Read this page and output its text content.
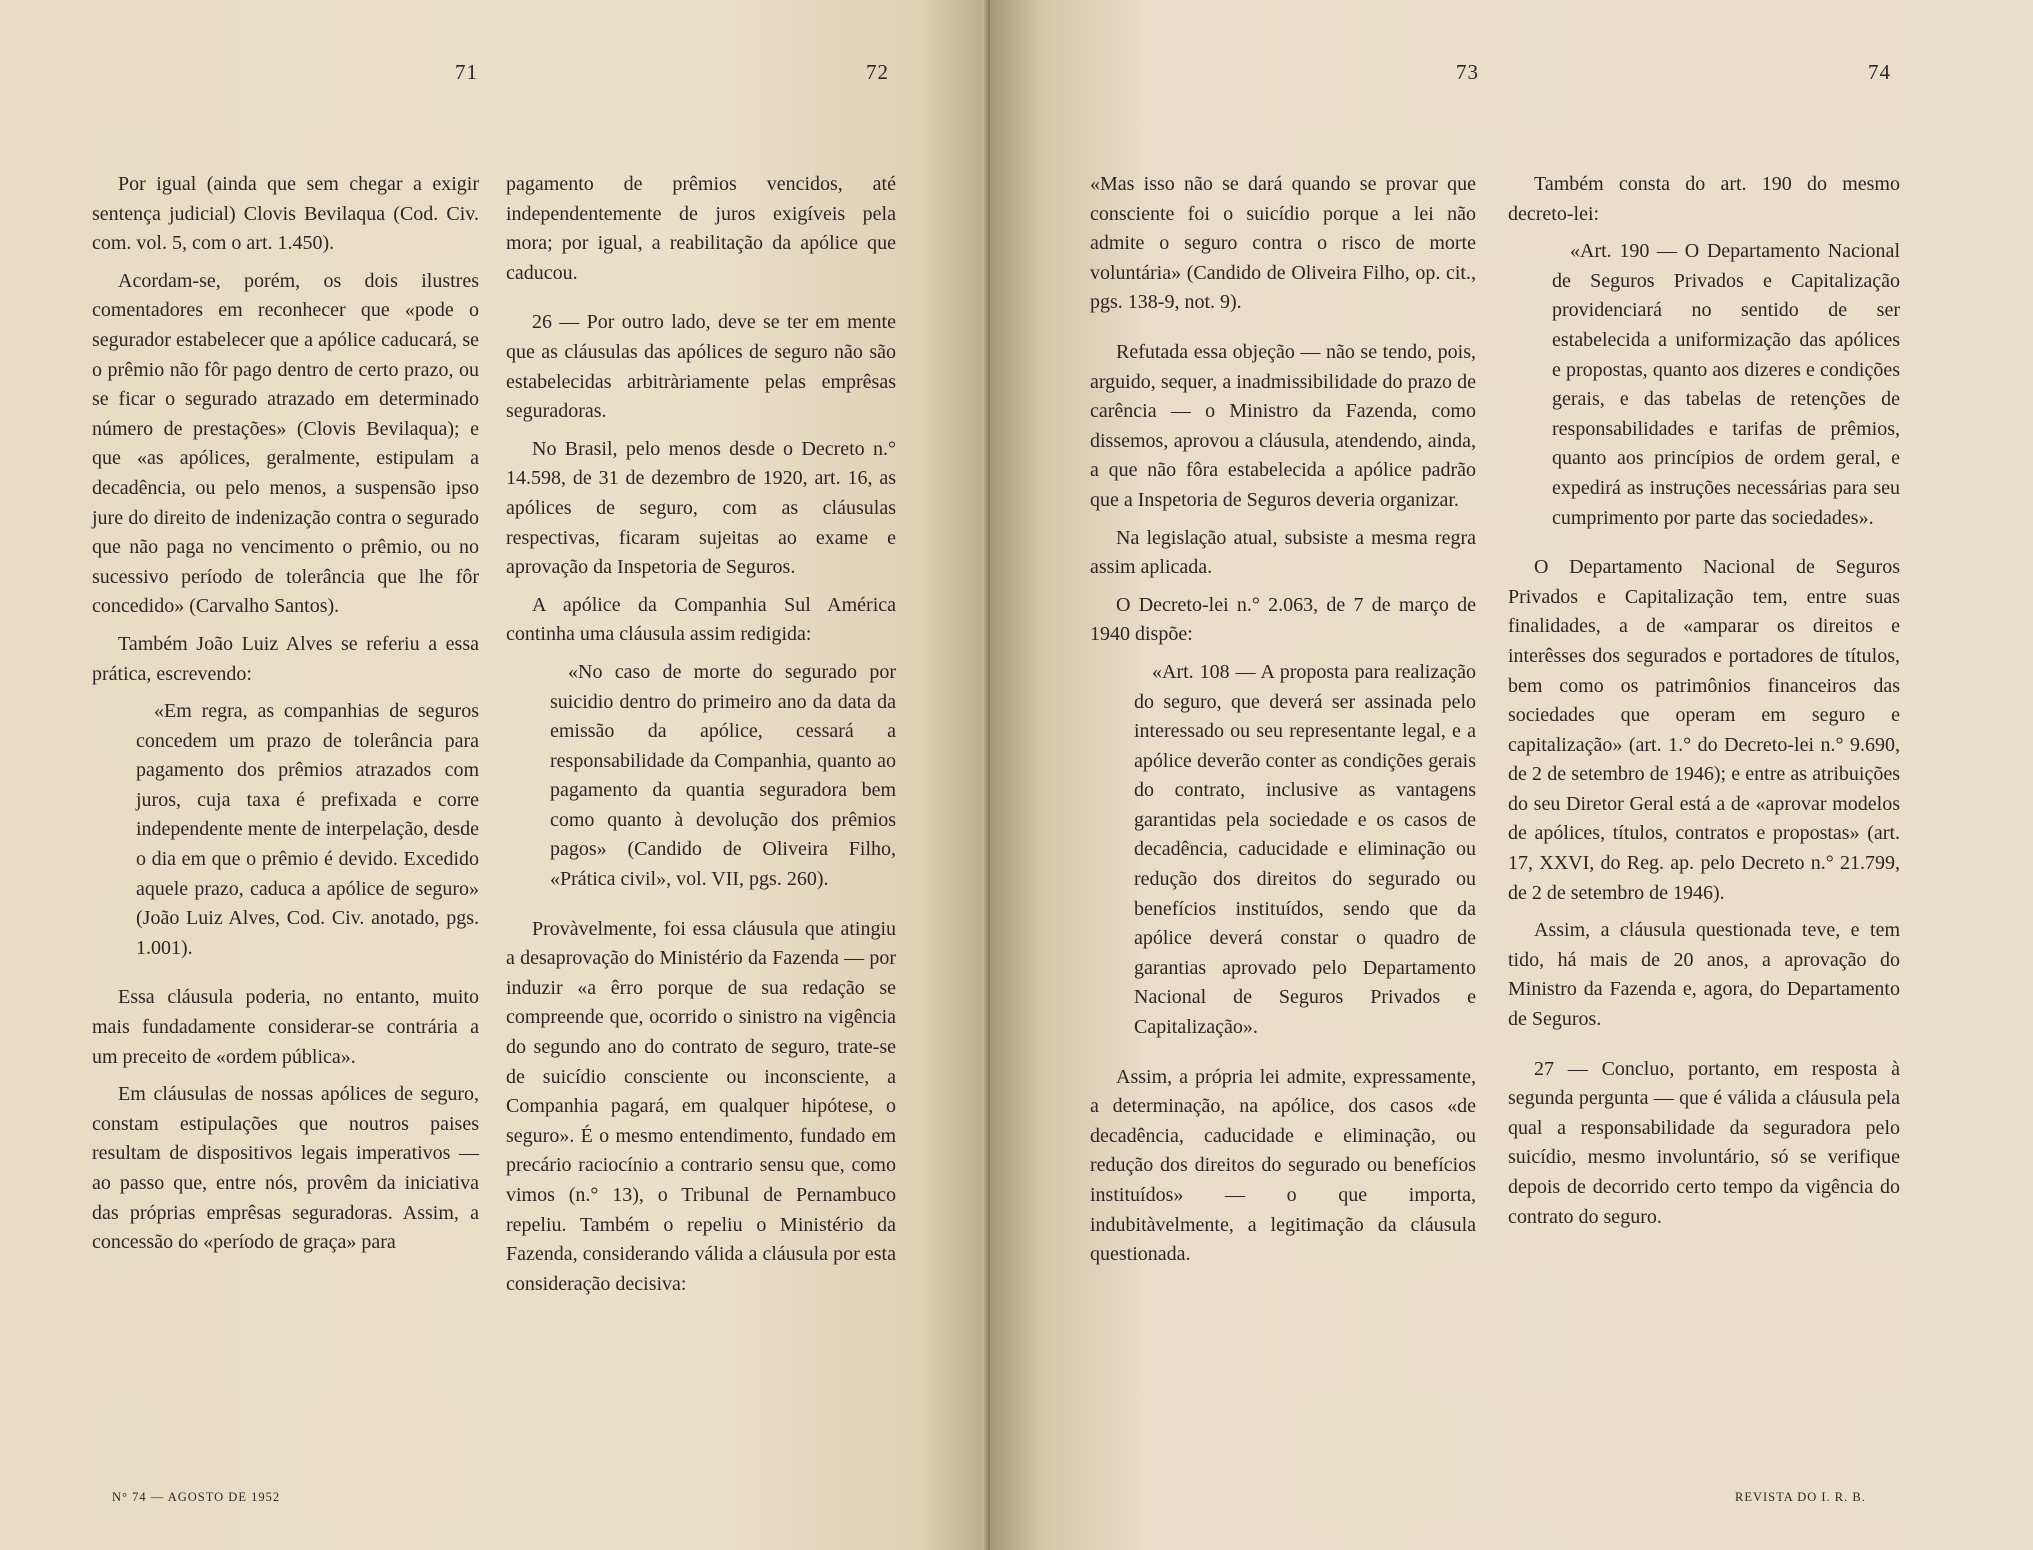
71	72

Por igual (ainda que sem chegar a exigir sentença judicial) Clovis Bevilaqua (Cod. Civ. com. vol. 5, com o art. 1.450).

Acordam-se, porém, os dois ilustres comentadores em reconhecer que «pode o segurador estabelecer que a apólice caducará, se o prêmio não fôr pago dentro de certo prazo, ou se ficar o segurado atrazado em determinado número de prestações» (Clovis Bevilaqua); e que «as apólices, geralmente, estipulam a decadência, ou pelo menos, a suspensão ipso jure do direito de indenização contra o segurado que não paga no vencimento o prêmio, ou no sucessivo período de tolerância que lhe fôr concedido» (Carvalho Santos).

Também João Luiz Alves se referiu a essa prática, escrevendo:

«Em regra, as companhias de seguros concedem um prazo de tolerância para pagamento dos prêmios atrazados com juros, cuja taxa é prefixada e corre independente mente de interpelação, desde o dia em que o prêmio é devido. Excedido aquele prazo, caduca a apólice de seguro» (João Luiz Alves, Cod. Civ. anotado, pgs. 1.001).

Essa cláusula poderia, no entanto, muito mais fundadamente considerar-se contrária a um preceito de «ordem pública».

Em cláusulas de nossas apólices de seguro, constam estipulações que noutros paises resultam de dispositivos legais imperativos — ao passo que, entre nós, provêm da iniciativa das próprias emprêsas seguradoras. Assim, a concessão do «período de graça» para

pagamento de prêmios vencidos, até independentemente de juros exigíveis pela mora; por igual, a reabilitação da apólice que caducou.

26 — Por outro lado, deve se ter em mente que as cláusulas das apólices de seguro não são estabelecidas arbitràriamente pelas emprêsas seguradoras.

No Brasil, pelo menos desde o Decreto n.° 14.598, de 31 de dezembro de 1920, art. 16, as apólices de seguro, com as cláusulas respectivas, ficaram sujeitas ao exame e aprovação da Inspetoria de Seguros.

A apólice da Companhia Sul América continha uma cláusula assim redigida:

«No caso de morte do segurado por suicidio dentro do primeiro ano da data da emissão da apólice, cessará a responsabilidade da Companhia, quanto ao pagamento da quantia seguradora bem como quanto à devolução dos prêmios pagos» (Candido de Oliveira Filho, «Prática civil», vol. VII, pgs. 260).

Provàvelmente, foi essa cláusula que atingiu a desaprovação do Ministério da Fazenda — por induzir «a êrro porque de sua redação se compreende que, ocorrido o sinistro na vigência do segundo ano do contrato de seguro, trate-se de suicídio consciente ou inconsciente, a Companhia pagará, em qualquer hipótese, o seguro». É o mesmo entendimento, fundado em precário raciocínio a contrario sensu que, como vimos (n.° 13), o Tribunal de Pernambuco repeliu. Também o repeliu o Ministério da Fazenda, considerando válida a cláusula por esta consideração decisiva:

N° 74 — AGOSTO DE 1952
73	74

«Mas isso não se dará quando se provar que consciente foi o suicídio porque a lei não admite o seguro contra o risco de morte voluntária» (Candido de Oliveira Filho, op. cit., pgs. 138-9, not. 9).

Refutada essa objeção — não se tendo, pois, arguido, sequer, a inadmissibilidade do prazo de carência — o Ministro da Fazenda, como dissemos, aprovou a cláusula, atendendo, ainda, a que não fôra estabelecida a apólice padrão que a Inspetoria de Seguros deveria organizar.

Na legislação atual, subsiste a mesma regra assim aplicada.

O Decreto-lei n.° 2.063, de 7 de março de 1940 dispõe:

«Art. 108 — A proposta para realização do seguro, que deverá ser assinada pelo interessado ou seu representante legal, e a apólice deverão conter as condições gerais do contrato, inclusive as vantagens garantidas pela sociedade e os casos de decadência, caducidade e eliminação ou redução dos direitos do segurado ou benefícios instituídos, sendo que da apólice deverá constar o quadro de garantias aprovado pelo Departamento Nacional de Seguros Privados e Capitalização».

Assim, a própria lei admite, expressamente, a determinação, na apólice, dos casos «de decadência, caducidade e eliminação, ou redução dos direitos do segurado ou benefícios instituídos» — o que importa, indubitàvelmente, a legitimação da cláusula questionada.

Também consta do art. 190 do mesmo decreto-lei:

«Art. 190 — O Departamento Nacional de Seguros Privados e Capitalização providenciará no sentido de ser estabelecida a uniformização das apólices e propostas, quanto aos dizeres e condições gerais, e das tabelas de retenções de responsabilidades e tarifas de prêmios, quanto aos princípios de ordem geral, e expedirá as instruções necessárias para seu cumprimento por parte das sociedades».

O Departamento Nacional de Seguros Privados e Capitalização tem, entre suas finalidades, a de «amparar os direitos e interêsses dos segurados e portadores de títulos, bem como os patrimônios financeiros das sociedades que operam em seguro e capitalização» (art. 1.° do Decreto-lei n.° 9.690, de 2 de setembro de 1946); e entre as atribuições do seu Diretor Geral está a de «aprovar modelos de apólices, títulos, contratos e propostas» (art. 17, XXVI, do Reg. ap. pelo Decreto n.° 21.799, de 2 de setembro de 1946).

Assim, a cláusula questionada teve, e tem tido, há mais de 20 anos, a aprovação do Ministro da Fazenda e, agora, do Departamento de Seguros.

27 — Concluo, portanto, em resposta à segunda pergunta — que é válida a cláusula pela qual a responsabilidade da seguradora pelo suicídio, mesmo involuntário, só se verifique depois de decorrido certo tempo da vigência do contrato do seguro.

REVISTA DO I. R. B.
